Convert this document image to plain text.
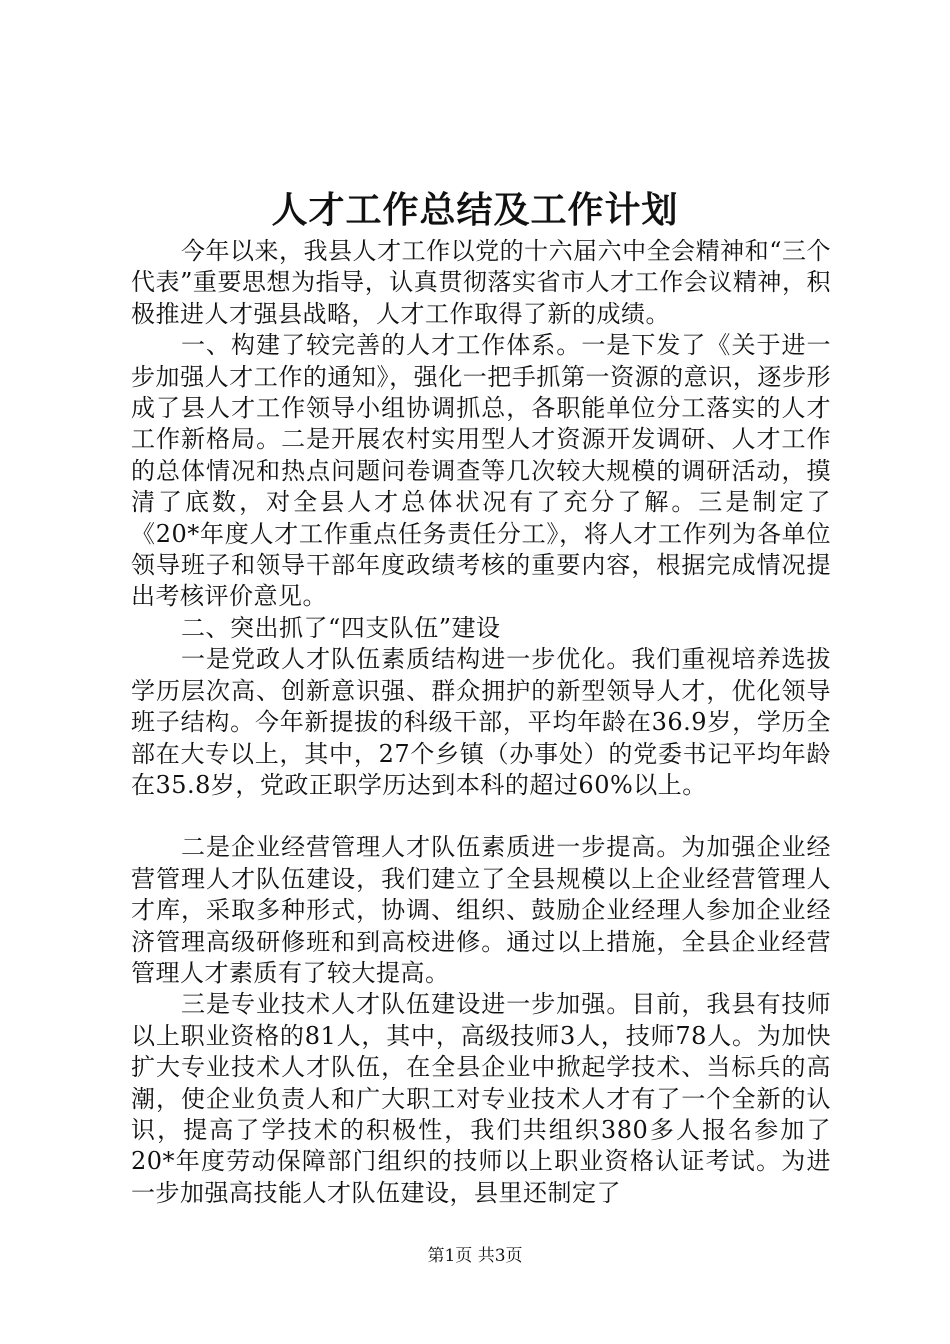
人才工作总结及工作计划

今年以来，我县人才工作以党的十六届六中全会精神和“三个代表”重要思想为指导，认真贯彻落实省市人才工作会议精神，积极推进人才强县战略，人才工作取得了新的成绩。

一、构建了较完善的人才工作体系。一是下发了《关于进一步加强人才工作的通知》，强化一把手抓第一资源的意识，逐步形成了县人才工作领导小组协调抓总，各职能单位分工落实的人才工作新格局。二是开展农村实用型人才资源开发调研、人才工作的总体情况和热点问题问卷调查等几次较大规模的调研活动，摸清了底数，对全县人才总体状况有了充分了解。三是制定了《20*年度人才工作重点任务责任分工》，将人才工作列为各单位领导班子和领导干部年度政绩考核的重要内容，根据完成情况提出考核评价意见。

二、突出抓了“四支队伍”建设

一是党政人才队伍素质结构进一步优化。我们重视培养选拔学历层次高、创新意识强、群众拥护的新型领导人才，优化领导班子结构。今年新提拔的科级干部，平均年龄在36.9岁，学历全部在大专以上，其中，27个乡镇（办事处）的党委书记平均年龄在35.8岁，党政正职学历达到本科的超过60%以上。

二是企业经营管理人才队伍素质进一步提高。为加强企业经营管理人才队伍建设，我们建立了全县规模以上企业经营管理人才库，采取多种形式，协调、组织、鼓励企业经理人参加企业经济管理高级研修班和到高校进修。通过以上措施，全县企业经营管理人才素质有了较大提高。

三是专业技术人才队伍建设进一步加强。目前，我县有技师以上职业资格的81人，其中，高级技师3人，技师78人。为加快扩大专业技术人才队伍，在全县企业中掀起学技术、当标兵的高潮，使企业负责人和广大职工对专业技术人才有了一个全新的认识，提高了学技术的积极性，我们共组织380多人报名参加了20*年度劳动保障部门组织的技师以上职业资格认证考试。为进一步加强高技能人才队伍建设，县里还制定了

第1页 共3页
